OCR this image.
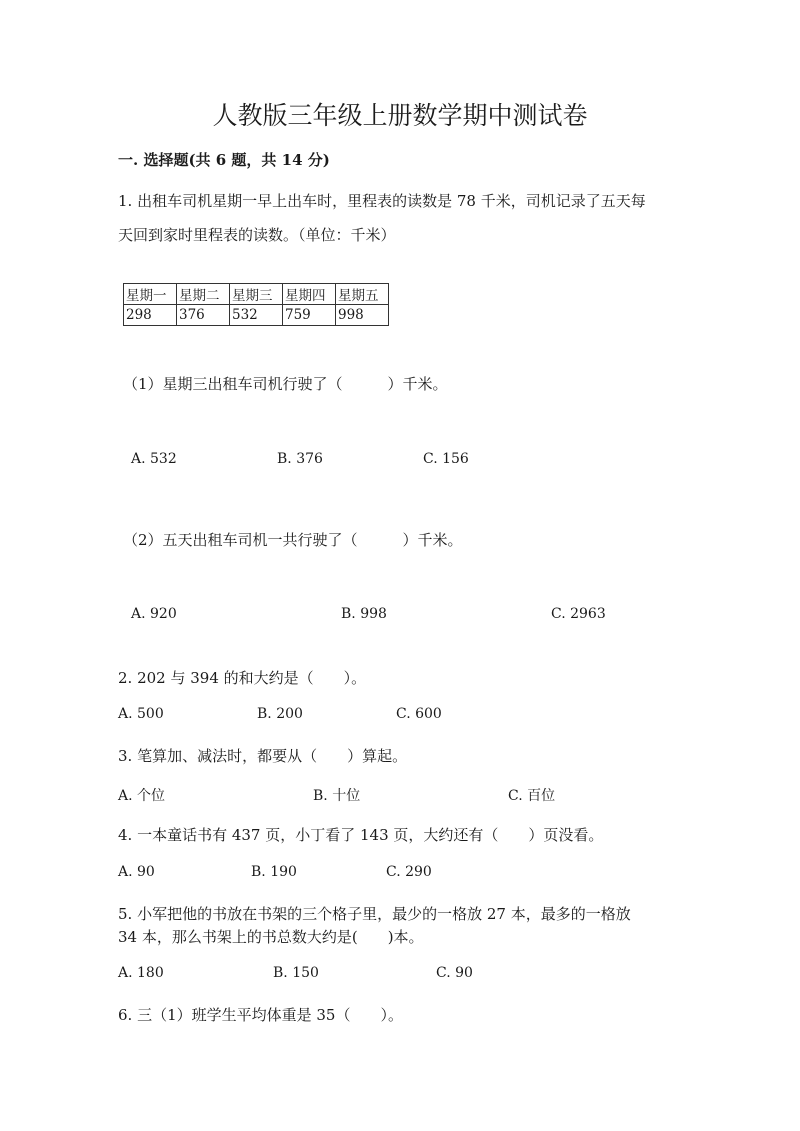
人教版三年级上册数学期中测试卷
一. 选择题(共 6 题，共 14 分)
1. 出租车司机星期一早上出车时，里程表的读数是 78 千米，司机记录了五天每
天回到家时里程表的读数。（单位：千米）
星期一	星期二	星期三	星期四	星期五
298	376	532	759	998
（1）星期三出租车司机行驶了（　　　）千米。
A. 532	B. 376	C. 156
（2）五天出租车司机一共行驶了（　　　）千米。
A. 920	B. 998	C. 2963
2. 202 与 394 的和大约是（　　）。
A. 500	B. 200	C. 600
3. 笔算加、减法时，都要从（　　）算起。
A. 个位	B. 十位	C. 百位
4. 一本童话书有 437 页，小丁看了 143 页，大约还有（　　）页没看。
A. 90	B. 190	C. 290
5. 小军把他的书放在书架的三个格子里，最少的一格放 27 本，最多的一格放
34 本，那么书架上的书总数大约是(　　)本。
A. 180	B. 150	C. 90
6. 三（1）班学生平均体重是 35（　　）。
